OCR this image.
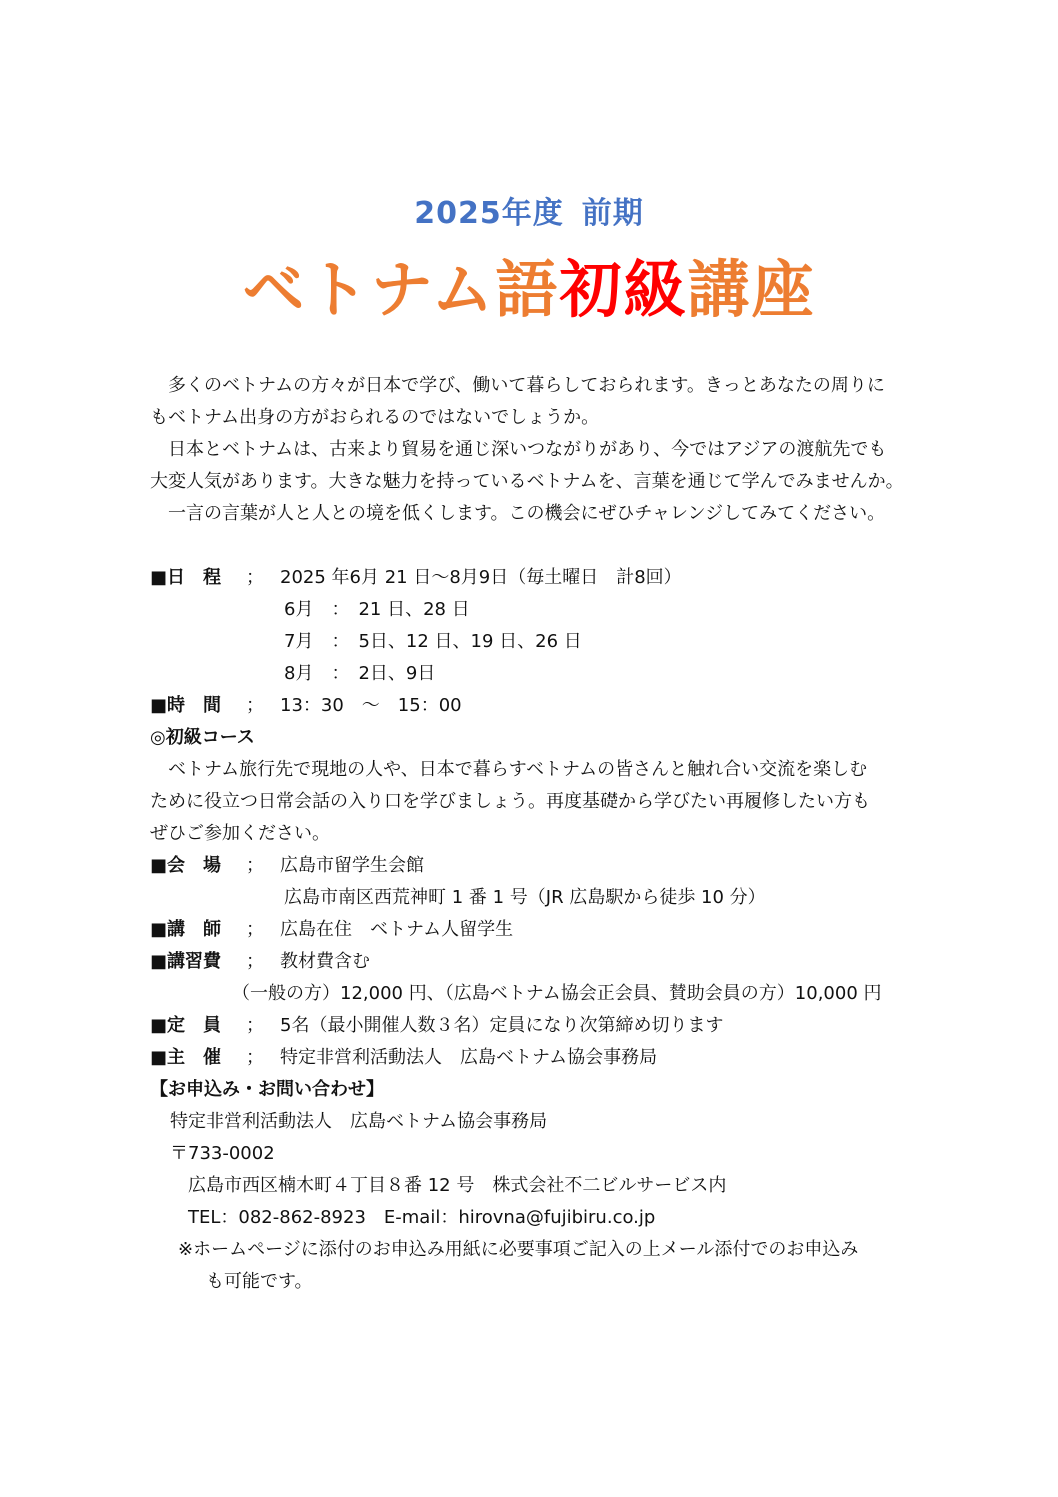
2025年度 前期
ベトナム語初級講座
　多くのベトナムの方々が日本で学び、働いて暮らしておられます。きっとあなたの周りに
もベトナム出身の方がおられるのではないでしょうか。
　日本とベトナムは、古来より貿易を通じ深いつながりがあり、今ではアジアの渡航先でも
大変人気があります。大きな魅力を持っているベトナムを、言葉を通じて学んでみませんか。
　一言の言葉が人と人との境を低くします。この機会にぜひチャレンジしてみてください。
■日　程 ； 2025 年6月 21 日～8月9日（毎土曜日　計8回）
6月　：　21 日、28 日
7月　：　5日、12 日、19 日、26 日
8月　：　2日、9日
■時　間 ； 13：30　～　15：00
◎初級コース
　ベトナム旅行先で現地の人や、日本で暮らすベトナムの皆さんと触れ合い交流を楽しむ
ために役立つ日常会話の入り口を学びましょう。再度基礎から学びたい再履修したい方も
ぜひご参加ください。
■会　場 ； 広島市留学生会館
広島市南区西荒神町 1 番 1 号（JR 広島駅から徒歩 10 分）
■講　師 ； 広島在住　ベトナム人留学生
■講習費 ； 教材費含む
（一般の方）12,000 円、（広島ベトナム協会正会員、賛助会員の方）10,000 円
■定　員 ； 5名（最小開催人数３名）定員になり次第締め切ります
■主　催 ； 特定非営利活動法人　広島ベトナム協会事務局
【お申込み・お問い合わせ】
特定非営利活動法人　広島ベトナム協会事務局
〒733-0002
広島市西区楠木町４丁目８番 12 号　株式会社不二ビルサービス内
TEL：082-862-8923　E-mail：hirovna@fujibiru.co.jp
※ホームページに添付のお申込み用紙に必要事項ご記入の上メール添付でのお申込み
も可能です。
